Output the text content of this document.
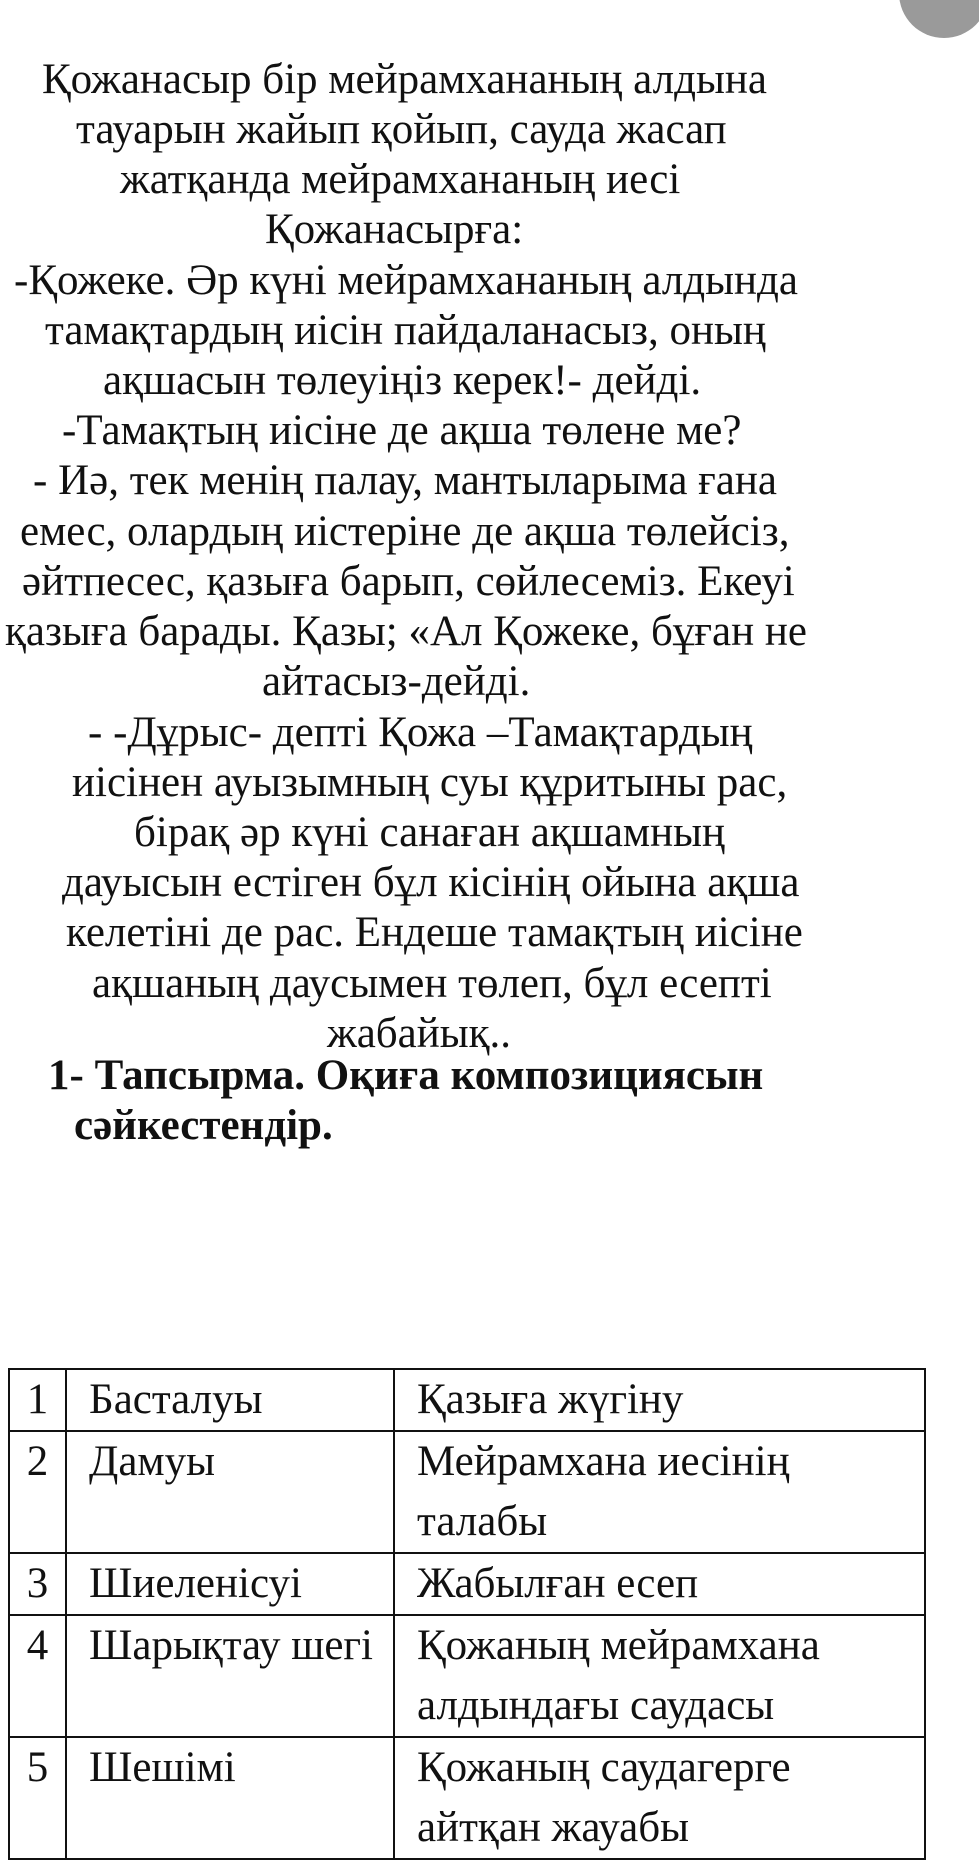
Қожанасыр бір мейрамхананың алдына
тауарын жайып қойып, сауда жасап
жатқанда мейрамхананың иесі
Қожанасырға:
-Қожеке. Әр күні мейрамхананың алдында
тамақтардың иісін пайдаланасыз, оның
ақшасын төлеуіңіз керек!- дейді.
-Тамақтың иісіне де ақша төлене ме?
- Иә, тек менің палау, мантыларыма ғана
емес, олардың иістеріне де ақша төлейсіз,
әйтпесес, қазыға барып, сөйлесеміз. Екеуі
қазыға барады. Қазы; «Ал Қожеке, бұған не
айтасыз-дейді.
- -Дұрыс- депті Қожа –Тамақтардың
иісінен ауызымның суы құритыны рас,
бірақ әр күні санаған ақшамның
дауысын естіген бұл кісінің ойына ақша
келетіні де рас. Ендеше тамақтың иісіне
ақшаның даусымен төлеп, бұл есепті
жабайық..
1- Тапсырма. Оқиға композициясын
сәйкестендір.
1	Басталуы	Қазыға жүгіну
2	Дамуы	Мейрамхана иесінің талабы
3	Шиеленісуі	Жабылған есеп
4	Шарықтау шегі	Қожаның мейрамхана алдындағы саудасы
5	Шешімі	Қожаның саудагерге айтқан жауабы
